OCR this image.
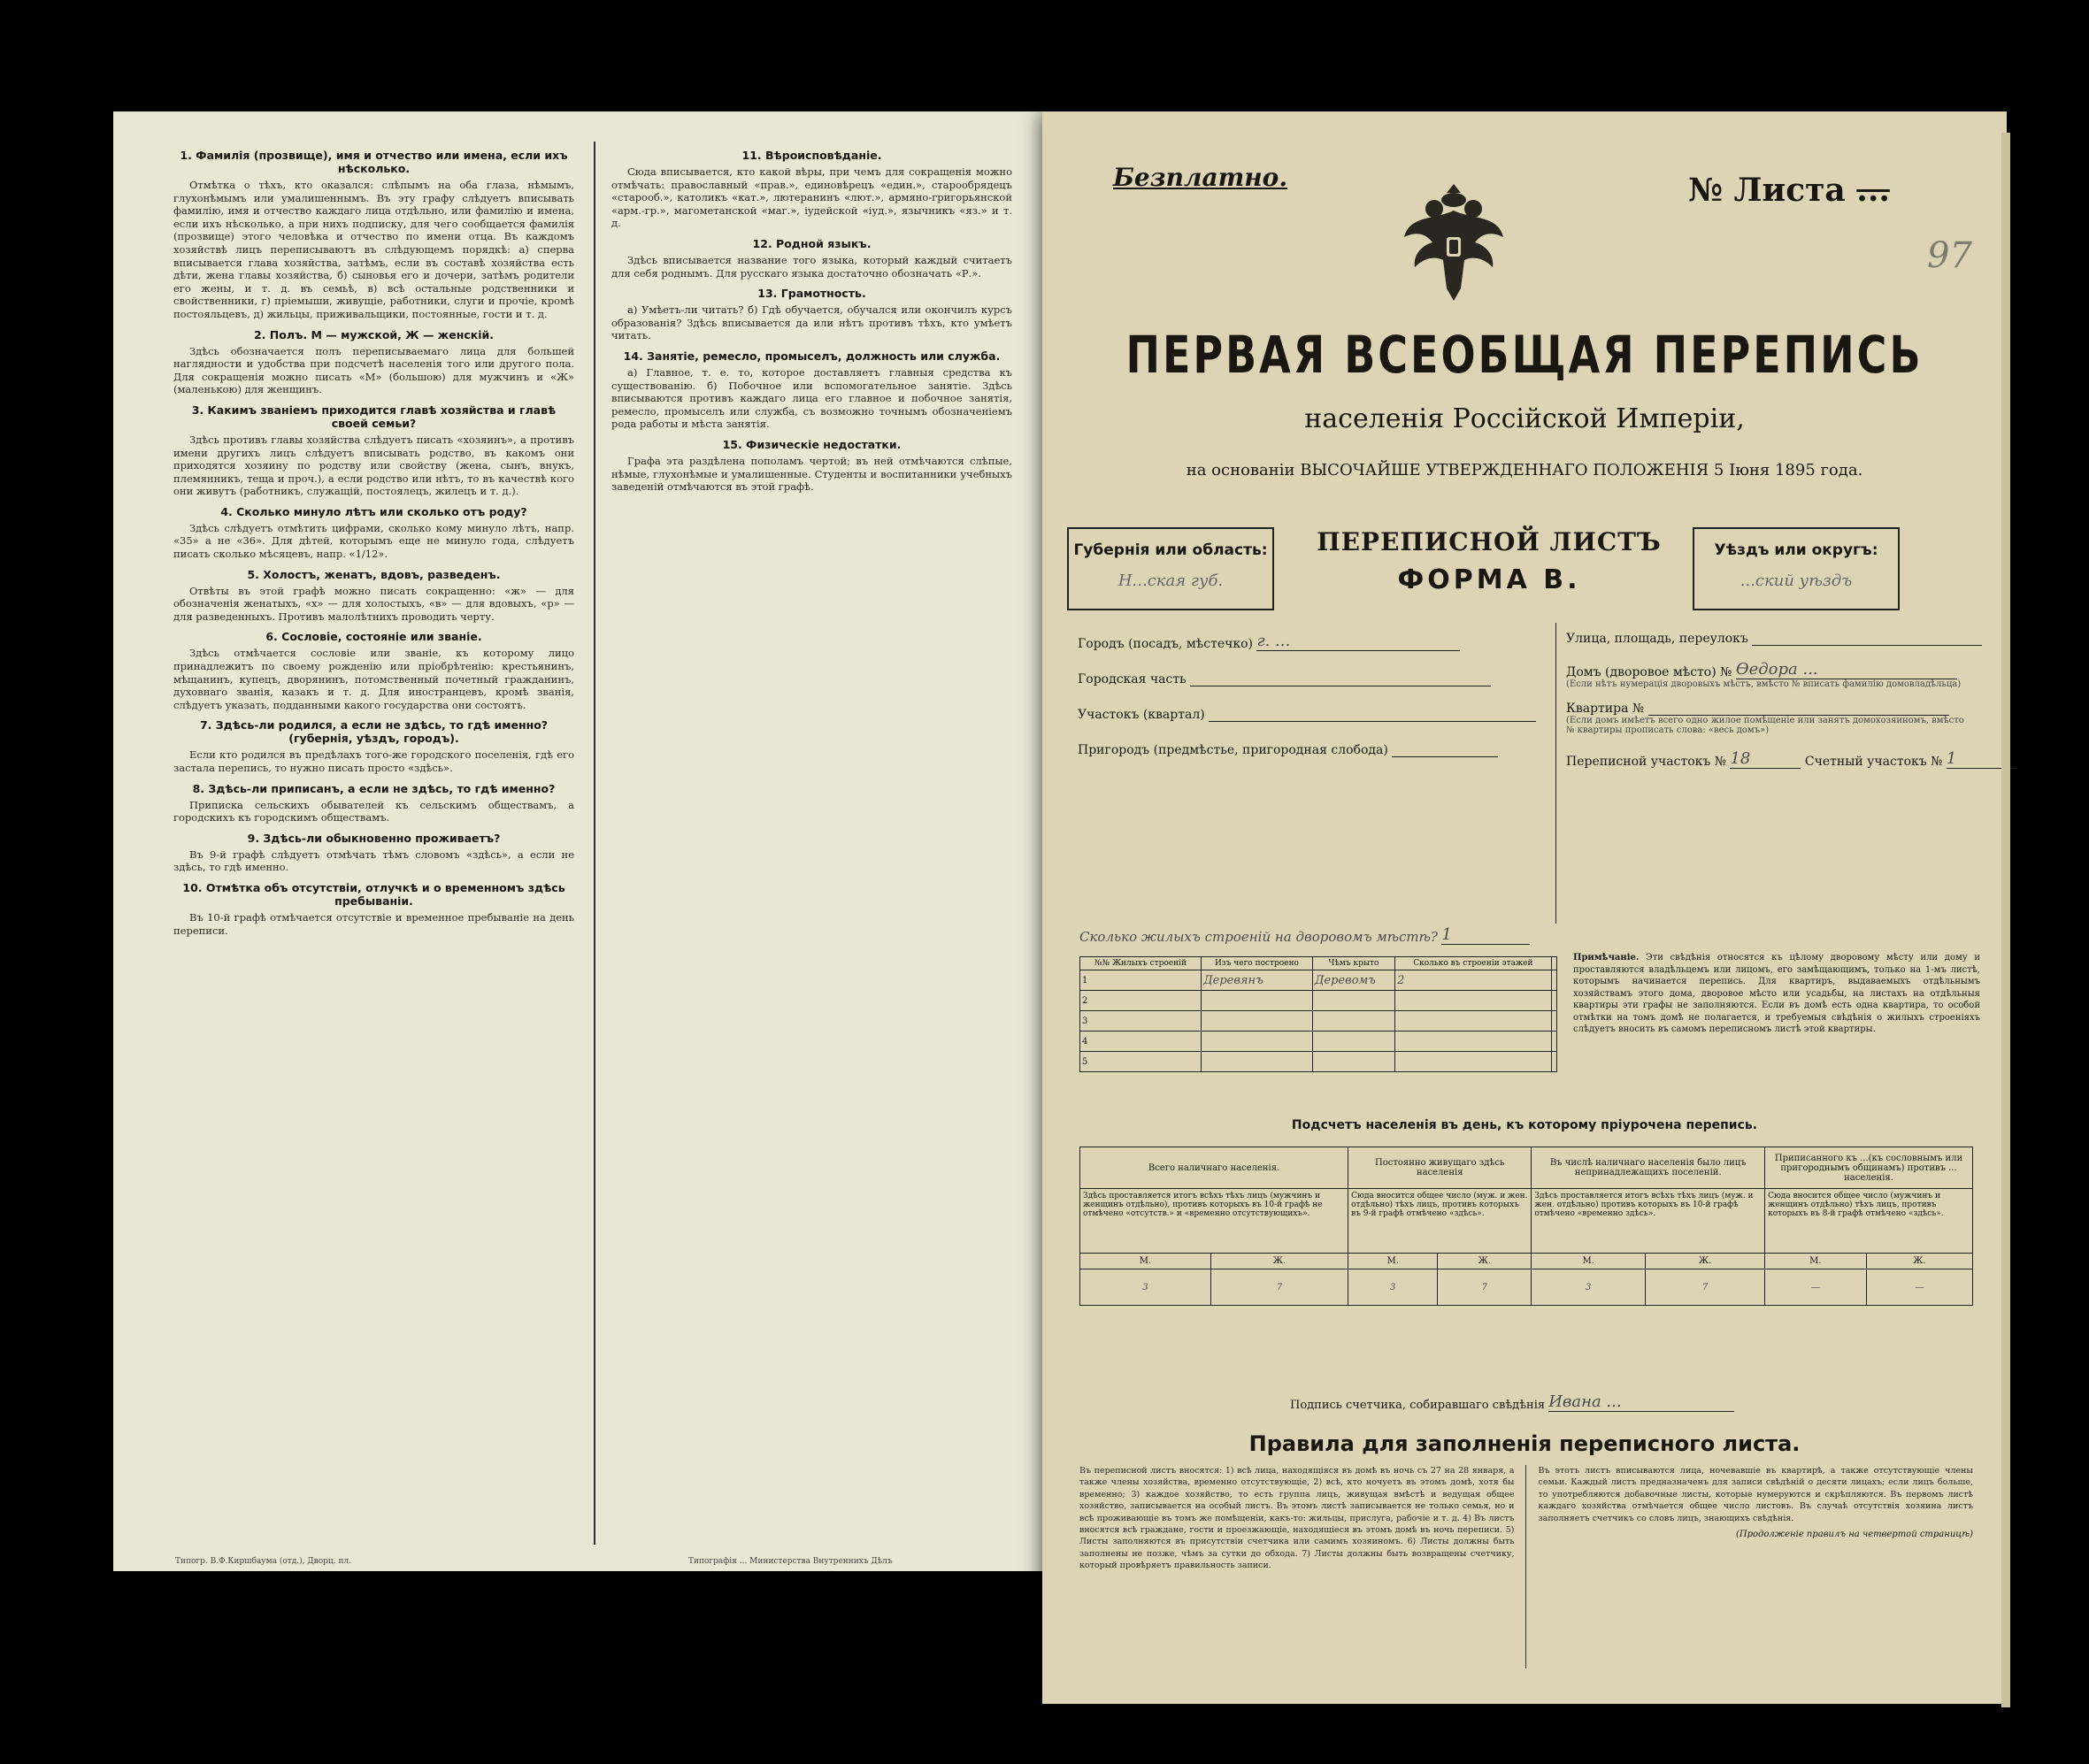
1. Фамилія (прозвище), имя и отчество или имена, если ихъ нѣсколько.

Отмѣтка о тѣхъ, кто оказался: слѣпымъ на оба глаза, нѣмымъ, глухонѣмымъ или умалишеннымъ. Въ эту графу слѣдуетъ вписывать фамилію, имя и отчество каждаго лица отдѣльно, или фамилію и имена, если ихъ нѣсколько, а при нихъ подписку, для чего сообщается фамилія (прозвище) этого человѣка и отчество по имени отца. Въ каждомъ хозяйствѣ лицъ переписываютъ въ слѣдующемъ порядкѣ: а) сперва вписывается глава хозяйства, затѣмъ, если въ составѣ хозяйства есть дѣти, жена главы хозяйства, б) сыновья его и дочери, затѣмъ родители его жены, и т. д. въ семьѣ, в) всѣ остальные родственники и свойственники, г) пріемыши, живущіе, работники, слуги и прочіе, кромѣ постояльцевъ, д) жильцы, приживальщики, постоянные, гости и т. д.

2. Полъ. М — мужской, Ж — женскій.

Здѣсь обозначается полъ переписываемаго лица для большей наглядности и удобства при подсчетѣ населенія того или другого пола. Для сокращенія можно писать «М» (большою) для мужчинъ и «Ж» (маленькою) для женщинъ.

3. Какимъ званіемъ приходится главѣ хозяйства и главѣ своей семьи?

Здѣсь противъ главы хозяйства слѣдуетъ писать «хозяинъ», а противъ имени другихъ лицъ слѣдуетъ вписывать родство, въ какомъ они приходятся хозяину по родству или свойству (жена, сынъ, внукъ, племянникъ, теща и проч.), а если родство или нѣтъ, то въ качествѣ кого они живутъ (работникъ, служащій, постоялецъ, жилецъ и т. д.).

4. Сколько минуло лѣтъ или сколько отъ роду?

Здѣсь слѣдуетъ отмѣтить цифрами, сколько кому минуло лѣтъ, напр. «35» а не «36». Для дѣтей, которымъ еще не минуло года, слѣдуетъ писать сколько мѣсяцевъ, напр. «1/12».

5. Холостъ, женатъ, вдовъ, разведенъ.

Отвѣты въ этой графѣ можно писать сокращенно: «ж» — для обозначенія женатыхъ, «х» — для холостыхъ, «в» — для вдовыхъ, «р» — для разведенныхъ. Противъ малолѣтнихъ проводить черту.

6. Сословіе, состояніе или званіе.

Здѣсь отмѣчается сословіе или званіе, къ которому лицо принадлежитъ по своему рожденію или пріобрѣтенію: крестьянинъ, мѣщанинъ, купецъ, дворянинъ, потомственный почетный гражданинъ, духовнаго званія, казакъ и т. д. Для иностранцевъ, кромѣ званія, слѣдуетъ указать, подданными какого государства они состоятъ.

7. Здѣсь-ли родился, а если не здѣсь, то гдѣ именно? (губернія, уѣздъ, городъ).

Если кто родился въ предѣлахъ того-же городского поселенія, гдѣ его застала перепись, то нужно писать просто «здѣсь».

8. Здѣсь-ли приписанъ, а если не здѣсь, то гдѣ именно?

Приписка сельскихъ обывателей къ сельскимъ обществамъ, а городскихъ къ городскимъ обществамъ.

9. Здѣсь-ли обыкновенно проживаетъ?

Въ 9-й графѣ слѣдуетъ отмѣчать тѣмъ словомъ «здѣсь», а если не здѣсь, то гдѣ именно.

10. Отмѣтка объ отсутствіи, отлучкѣ и о временномъ здѣсь пребываніи.

Въ 10-й графѣ отмѣчается отсутствіе и временное пребываніе на день переписи.

11. Вѣроисповѣданіе.

Сюда вписывается, кто какой вѣры, при чемъ для сокращенія можно отмѣчать: православный «прав.», единовѣрецъ «един.», старообрядецъ «старооб.», католикъ «кат.», лютеранинъ «лют.», армяно-григорьянской «арм.-гр.», магометанской «маг.», іудейской «іуд.», язычникъ «яз.» и т. д.

12. Родной языкъ.

Здѣсь вписывается название того языка, который каждый считаетъ для себя роднымъ. Для русскаго языка достаточно обозначать «Р.».

13. Грамотность.

а) Умѣетъ-ли читать? б) Гдѣ обучается, обучался или окончилъ курсъ образованія? Здѣсь вписывается да или нѣтъ противъ тѣхъ, кто умѣетъ читать.

14. Занятіе, ремесло, промыселъ, должность или служба.

а) Главное, т. е. то, которое доставляетъ главныя средства къ существованію. б) Побочное или вспомогательное занятіе. Здѣсь вписываются противъ каждаго лица его главное и побочное занятія, ремесло, промыселъ или служба, съ возможно точнымъ обозначеніемъ рода работы и мѣста занятія.

15. Физическіе недостатки.

Графа эта раздѣлена пополамъ чертой; въ ней отмѣчаются слѣпые, нѣмые, глухонѣмые и умалишенные. Студенты и воспитанники учебныхъ заведеній отмѣчаются въ этой графѣ.

Типогр. В.Ф.Киршбаума (отд.), Дворц. пл.	Типографія ... Министерства Внутреннихъ Дѣлъ
Безплатно.	№ Листа ...
97
ПЕРВАЯ ВСЕОБЩАЯ ПЕРЕПИСЬ
населенія Россійской Имперіи,
на основаніи ВЫСОЧАЙШЕ УТВЕРЖДЕННАГО ПОЛОЖЕНІЯ 5 Іюня 1895 года.
Губернія или область:
Н...ская губ.
ПЕРЕПИСНОЙ ЛИСТЪ
ФОРМА В.
Уѣздъ или округъ:
...ский уѣздъ
Городъ (посадъ, мѣстечко) г. ...
Городская часть
Участокъ (квартал)
Пригородъ (предмѣстье, пригородная слобода)
Улица, площадь, переулокъ
Домъ (дворовое мѣсто) № Ѳедора ...
(Если нѣтъ нумерація дворовыхъ мѣстъ, вмѣсто № вписать фамилію домовладѣльца)
Квартира №
(Если домъ имѣетъ всего одно жилое помѣщеніе или занятъ домохозяиномъ, вмѣсто № квартиры прописать слова: «весь домъ»)
Переписной участокъ № 18	Счетный участокъ № 1
Сколько жилыхъ строеній на дворовомъ мѣстѣ? 1
№№ Жилыхъ строеній	Изъ чего построено	Чѣмъ крыто	Сколько въ строеніи этажей	
1	Деревянъ	Деревомъ	2	
2				
3				
4				
5				
Примѣчаніе. Эти свѣдѣнія относятся къ цѣлому дворовому мѣсту или дому и проставляются владѣльцемъ или лицомъ, его замѣщающимъ, только на 1-мъ листѣ, которымъ начинается перепись. Для квартиръ, выдаваемыхъ отдѣльнымъ хозяйствамъ этого дома, дворовое мѣсто или усадьбы, на листахъ на отдѣльныя квартиры эти графы не заполняются. Если въ домѣ есть одна квартира, то особой отмѣтки на томъ домѣ не полагается, и требуемыя свѣдѣнія о жилыхъ строеніяхъ слѣдуетъ вносить въ самомъ переписномъ листѣ этой квартиры.
Подсчетъ населенія въ день, къ которому пріурочена перепись.
Всего наличнаго населенія.		Постоянно живущаго здѣсь населенія		Въ числѣ наличнаго населенія было лицъ непринадлежащихъ поселеній.		Приписанного къ ...(къ сословнымъ или пригороднымъ общинамъ) противъ ... населенія.	
Здѣсь проставляется итогъ всѣхъ тѣхъ лицъ (мужчинъ и женщинъ отдѣльно), противъ которыхъ въ 10-й графѣ не отмѣчено «отсутств.» и «временно отсутствующихъ».		Сюда вносится общее число (муж. и жен. отдѣльно) тѣхъ лицъ, противъ которыхъ въ 9-й графѣ отмѣчено «здѣсь».		Здѣсь проставляется итогъ всѣхъ тѣхъ лицъ (муж. и жен. отдѣльно) противъ которыхъ въ 10-й графѣ отмѣчено «временно здѣсь».		Сюда вносится общее число (мужчинъ и женщинъ отдѣльно) тѣхъ лицъ, противъ которыхъ въ 8-й графѣ отмѣчено «здѣсь».	
М.	Ж.	М.	Ж.	М.	Ж.	М.	Ж.
3	7	3	7	3	7	—	—
Подпись счетчика, собиравшаго свѣдѣнія Ивана ...
Правила для заполненія переписного листа.
Въ переписной листъ вносятся: 1) всѣ лица, находящіяся въ домѣ въ ночь съ 27 на 28 января, а также члены хозяйства, временно отсутствующіе, 2) всѣ, кто ночуетъ въ этомъ домѣ, хотя бы временно; 3) каждое хозяйство, то есть группа лицъ, живущая вмѣстѣ и ведущая общее хозяйство, записывается на особый листъ. Въ этомъ листѣ записывается не только семья, но и всѣ проживающіе въ томъ же помѣщеніи, какъ-то: жильцы, прислуга, рабочіе и т. д. 4) Въ листъ вносятся всѣ граждане, гости и проезжающіе, находящіеся въ этомъ домѣ въ ночь переписи. 5) Листы заполняются въ присутствіи счетчика или самимъ хозяиномъ. 6) Листы должны быть заполнены не позже, чѣмъ за сутки до обхода. 7) Листы должны быть возвращены счетчику, который провѣряетъ правильность записи.
Въ этотъ листъ вписываются лица, ночевавшіе въ квартирѣ, а также отсутствующіе члены семьи. Каждый листъ предназначенъ для записи свѣдѣній о десяти лицахъ; если лицъ больше, то употребляются добавочные листы, которые нумеруются и скрѣпляются. Въ первомъ листѣ каждаго хозяйства отмѣчается общее число листовъ. Въ случаѣ отсутствія хозяина листъ заполняетъ счетчикъ со словъ лицъ, знающихъ свѣдѣнія.
(Продолженіе правилъ на четвертой страницѣ)
